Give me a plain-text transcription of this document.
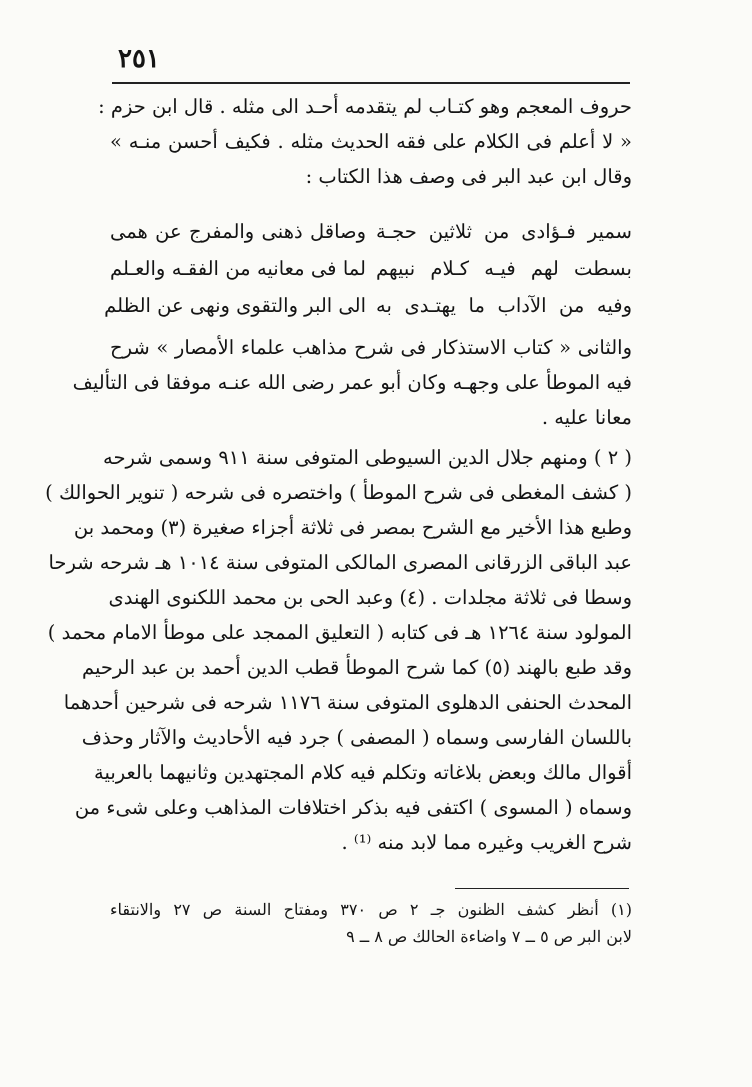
٢٥١
حروف المعجم وهو كتـاب لم يتقدمه أحـد الى مثله . قال ابن حزم :
« لا أعلم فى الكلام على فقه الحديث مثله . فكيف أحسن منـه »
وقال ابن عبد البر فى وصف هذا الكتاب :
سمير فـؤادى من ثلاثين حجـة
وصاقل ذهنى والمفرج عن همى
بسطت لهم فيـه كـلام نبيهم
لما فى معانيه من الفقـه والعـلم
وفيه من الآداب ما يهتـدى به
الى البر والتقوى ونهى عن الظلم
والثانى « كتاب الاستذكار فى شرح مذاهب علماء الأمصار » شرح
فيه الموطأ على وجهـه وكان أبو عمر رضى الله عنـه موفقا فى التأليف
معانا عليه .
( ٢ ) ومنهم جلال الدين السيوطى المتوفى سنة ٩١١ وسمى شرحه
( كشف المغطى فى شرح الموطأ ) واختصره فى شرحه ( تنوير الحوالك )
وطبع هذا الأخير مع الشرح بمصر فى ثلاثة أجزاء صغيرة (٣) ومحمد بن
عبد الباقى الزرقانى المصرى المالكى المتوفى سنة ١٠١٤ هـ شرحه شرحا
وسطا فى ثلاثة مجلدات . (٤) وعبد الحى بن محمد اللكنوى الهندى
المولود سنة ١٢٦٤ هـ فى كتابه ( التعليق الممجد على موطأ الامام محمد )
وقد طبع بالهند (٥) كما شرح الموطأ قطب الدين أحمد بن عبد الرحيم
المحدث الحنفى الدهلوى المتوفى سنة ١١٧٦ شرحه فى شرحين أحدهما
باللسان الفارسى وسماه ( المصفى ) جرد فيه الأحاديث والآثار وحذف
أقوال مالك وبعض بلاغاته وتكلم فيه كلام المجتهدين وثانيهما بالعربية
وسماه ( المسوى ) اكتفى فيه بذكر اختلافات المذاهب وعلى شىء من
شرح الغريب وغيره مما لابد منه ⁽¹⁾ .
(١) أنظر كشف الظنون جـ ٢ ص ٣٧٠ ومفتاح السنة ص ٢٧ والانتقاء
لابن البر ص ٥ ــ ٧ واضاءة الحالك ص ٨ ــ ٩
